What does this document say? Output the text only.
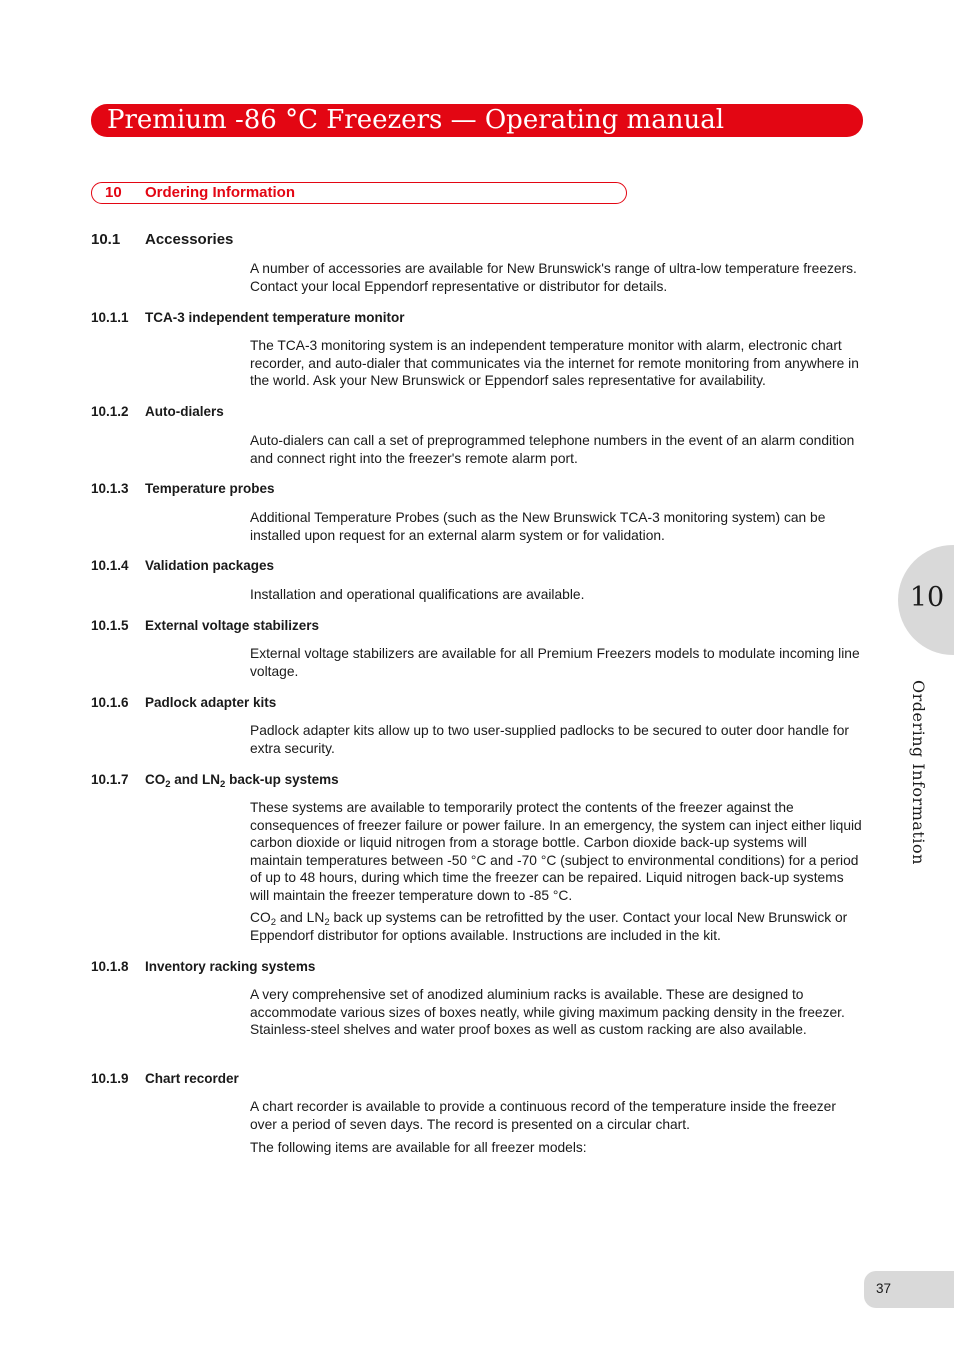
Premium -86 °C Freezers — Operating manual
10 Ordering Information
10.1 Accessories

A number of accessories are available for New Brunswick's range of ultra-low temperature freezers. Contact your local Eppendorf representative or distributor for details.

10.1.1 TCA-3 independent temperature monitor

The TCA-3 monitoring system is an independent temperature monitor with alarm, electronic chart recorder, and auto-dialer that communicates via the internet for remote monitoring from anywhere in the world. Ask your New Brunswick or Eppendorf sales representative for availability.

10.1.2 Auto-dialers

Auto-dialers can call a set of preprogrammed telephone numbers in the event of an alarm condition and connect right into the freezer's remote alarm port.

10.1.3 Temperature probes

Additional Temperature Probes (such as the New Brunswick TCA-3 monitoring system) can be installed upon request for an external alarm system or for validation.

10.1.4 Validation packages

Installation and operational qualifications are available.

10.1.5 External voltage stabilizers

External voltage stabilizers are available for all Premium Freezers models to modulate incoming line voltage.

10.1.6 Padlock adapter kits

Padlock adapter kits allow up to two user-supplied padlocks to be secured to outer door handle for extra security.

10.1.7 $CO_2$ and $LN_2$ back-up systems

These systems are available to temporarily protect the contents of the freezer against the consequences of freezer failure or power failure. In an emergency, the system can inject either liquid carbon dioxide or liquid nitrogen from a storage bottle. Carbon dioxide back-up systems will maintain temperatures between -50 °C and -70 °C (subject to environmental conditions) for a period of up to 48 hours, during which time the freezer can be repaired. Liquid nitrogen back-up systems will maintain the freezer temperature down to -85 °C.

$CO_2$ and $LN_2$ back up systems can be retrofitted by the user. Contact your local New Brunswick or Eppendorf distributor for options available. Instructions are included in the kit.

10.1.8 Inventory racking systems

A very comprehensive set of anodized aluminium racks is available. These are designed to accommodate various sizes of boxes neatly, while giving maximum packing density in the freezer. Stainless-steel shelves and water proof boxes as well as custom racking are also available.

10.1.9 Chart recorder

A chart recorder is available to provide a continuous record of the temperature inside the freezer over a period of seven days. The record is presented on a circular chart.

The following items are available for all freezer models:

10
Ordering Information
37
